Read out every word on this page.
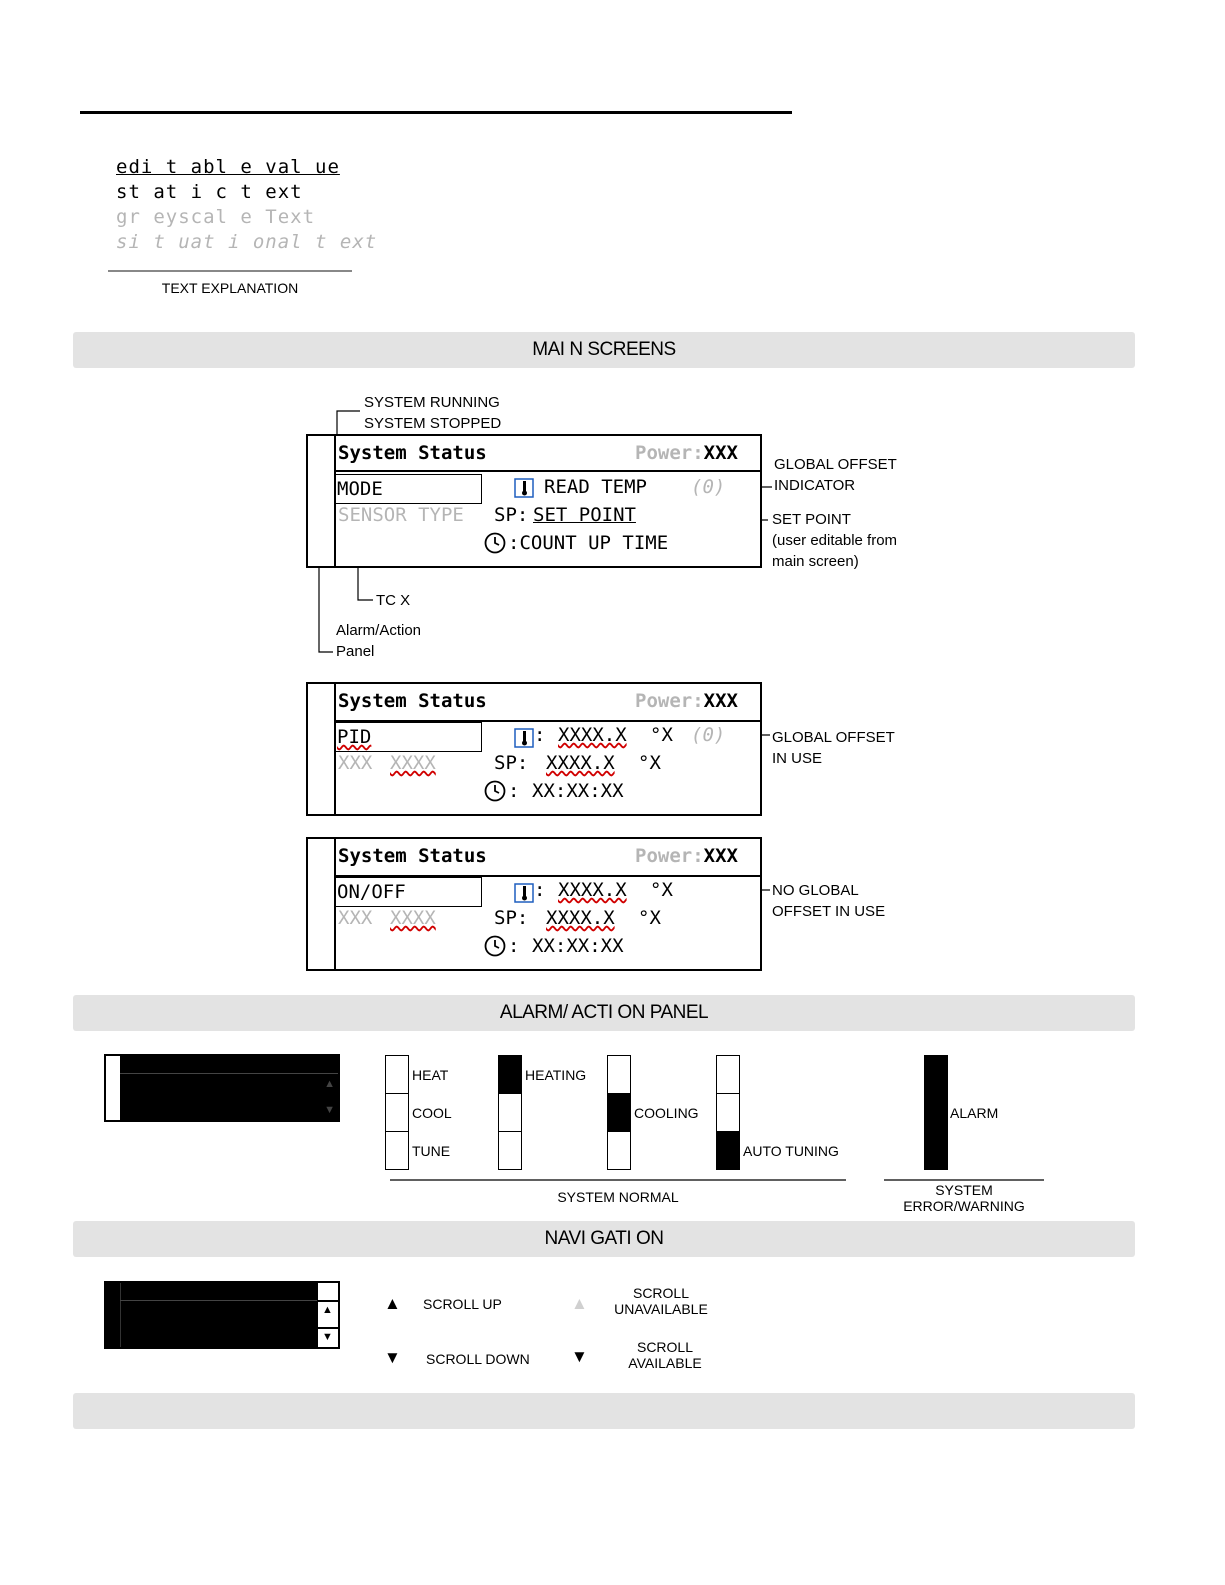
edi t abl e val ue
st at i c t ext
gr eyscal e Text
si t uat i onal t ext
TEXT EXPLANATION
MAI N SCREENS
SYSTEM RUNNING
SYSTEM STOPPED
GLOBAL OFFSET
INDICATOR
SET POINT
(user editable from
main screen)
TC X
Alarm/Action
Panel
System Status	Power:XXX
MODE	READ TEMP (0)
SENSOR TYPE SP: SET POINT
:COUNT UP TIME
System Status	Power:XXX
PID	: XXXX.X °X (0)
XXX XXXX	SP: XXXX.X °X
: XX:XX:XX
GLOBAL OFFSET
IN USE
System Status	Power:XXX
ON/OFF	: XXXX.X °X
XXX XXXX	SP: XXXX.X °X
: XX:XX:XX
NO GLOBAL
OFFSET IN USE
ALARM/ ACTI ON PANEL
▲
▼
HEAT
COOL
TUNE
HEATING
COOLING
AUTO TUNING
ALARM
SYSTEM NORMAL	SYSTEM
ERROR/WARNING
NAVI GATI ON
▲
▼
▲ SCROLL UP
▼ SCROLL DOWN
▲
SCROLL
UNAVAILABLE
▼	SCROLL
AVAILABLE
